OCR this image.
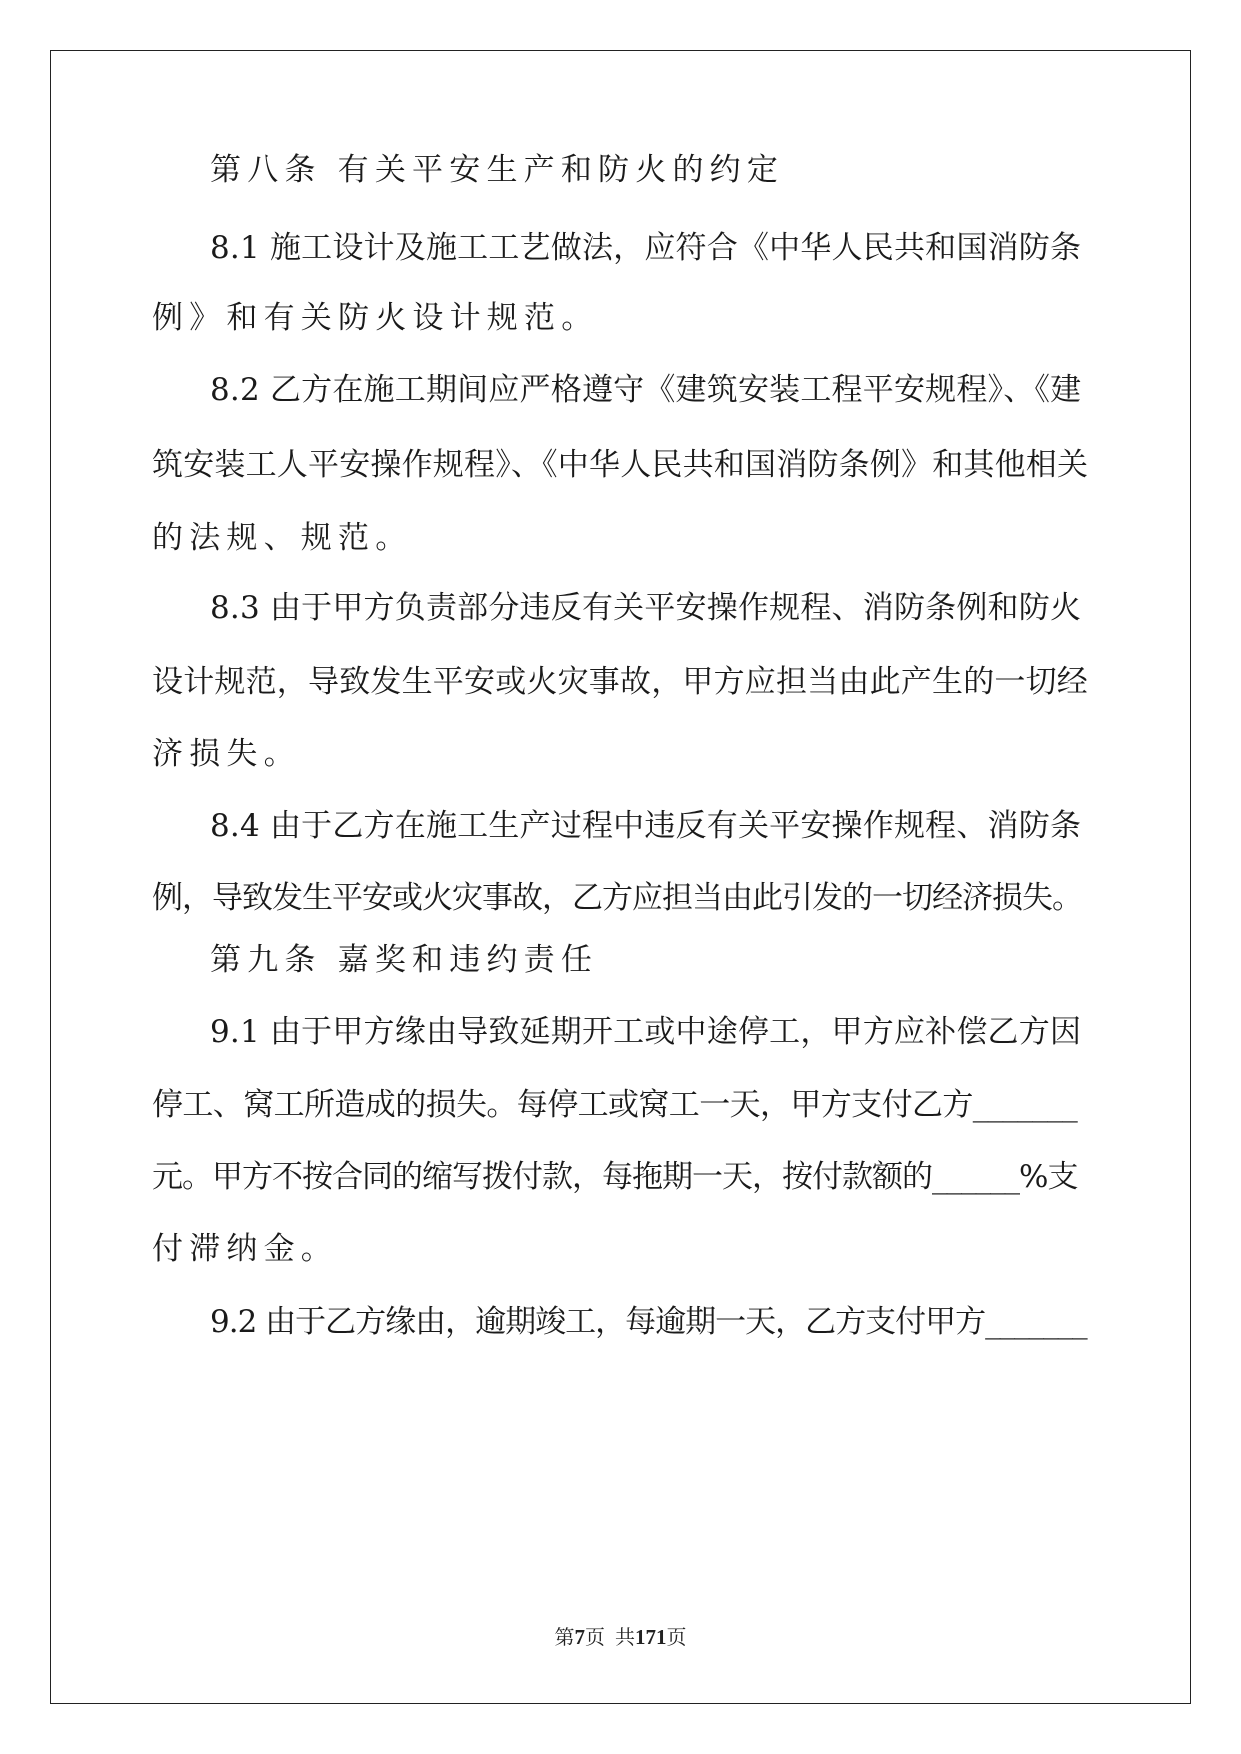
第八条 有关平安生产和防火的约定
8.1 施工设计及施工工艺做法，应符合《中华人民共和国消防条
例》和有关防火设计规范。
8.2 乙方在施工期间应严格遵守《建筑安装工程平安规程》、《建
筑安装工人平安操作规程》、《中华人民共和国消防条例》和其他相关
的法规、规范。
8.3 由于甲方负责部分违反有关平安操作规程、消防条例和防火
设计规范，导致发生平安或火灾事故，甲方应担当由此产生的一切经
济损失。
8.4 由于乙方在施工生产过程中违反有关平安操作规程、消防条
例，导致发生平安或火灾事故，乙方应担当由此引发的一切经济损失。
第九条 嘉奖和违约责任
9.1 由于甲方缘由导致延期开工或中途停工，甲方应补偿乙方因
停工、窝工所造成的损失。每停工或窝工一天，甲方支付乙方_______
元。甲方不按合同的缩写拨付款，每拖期一天，按付款额的______%支
付滞纳金。
9.2 由于乙方缘由，逾期竣工，每逾期一天，乙方支付甲方_______
第7页  共171页
